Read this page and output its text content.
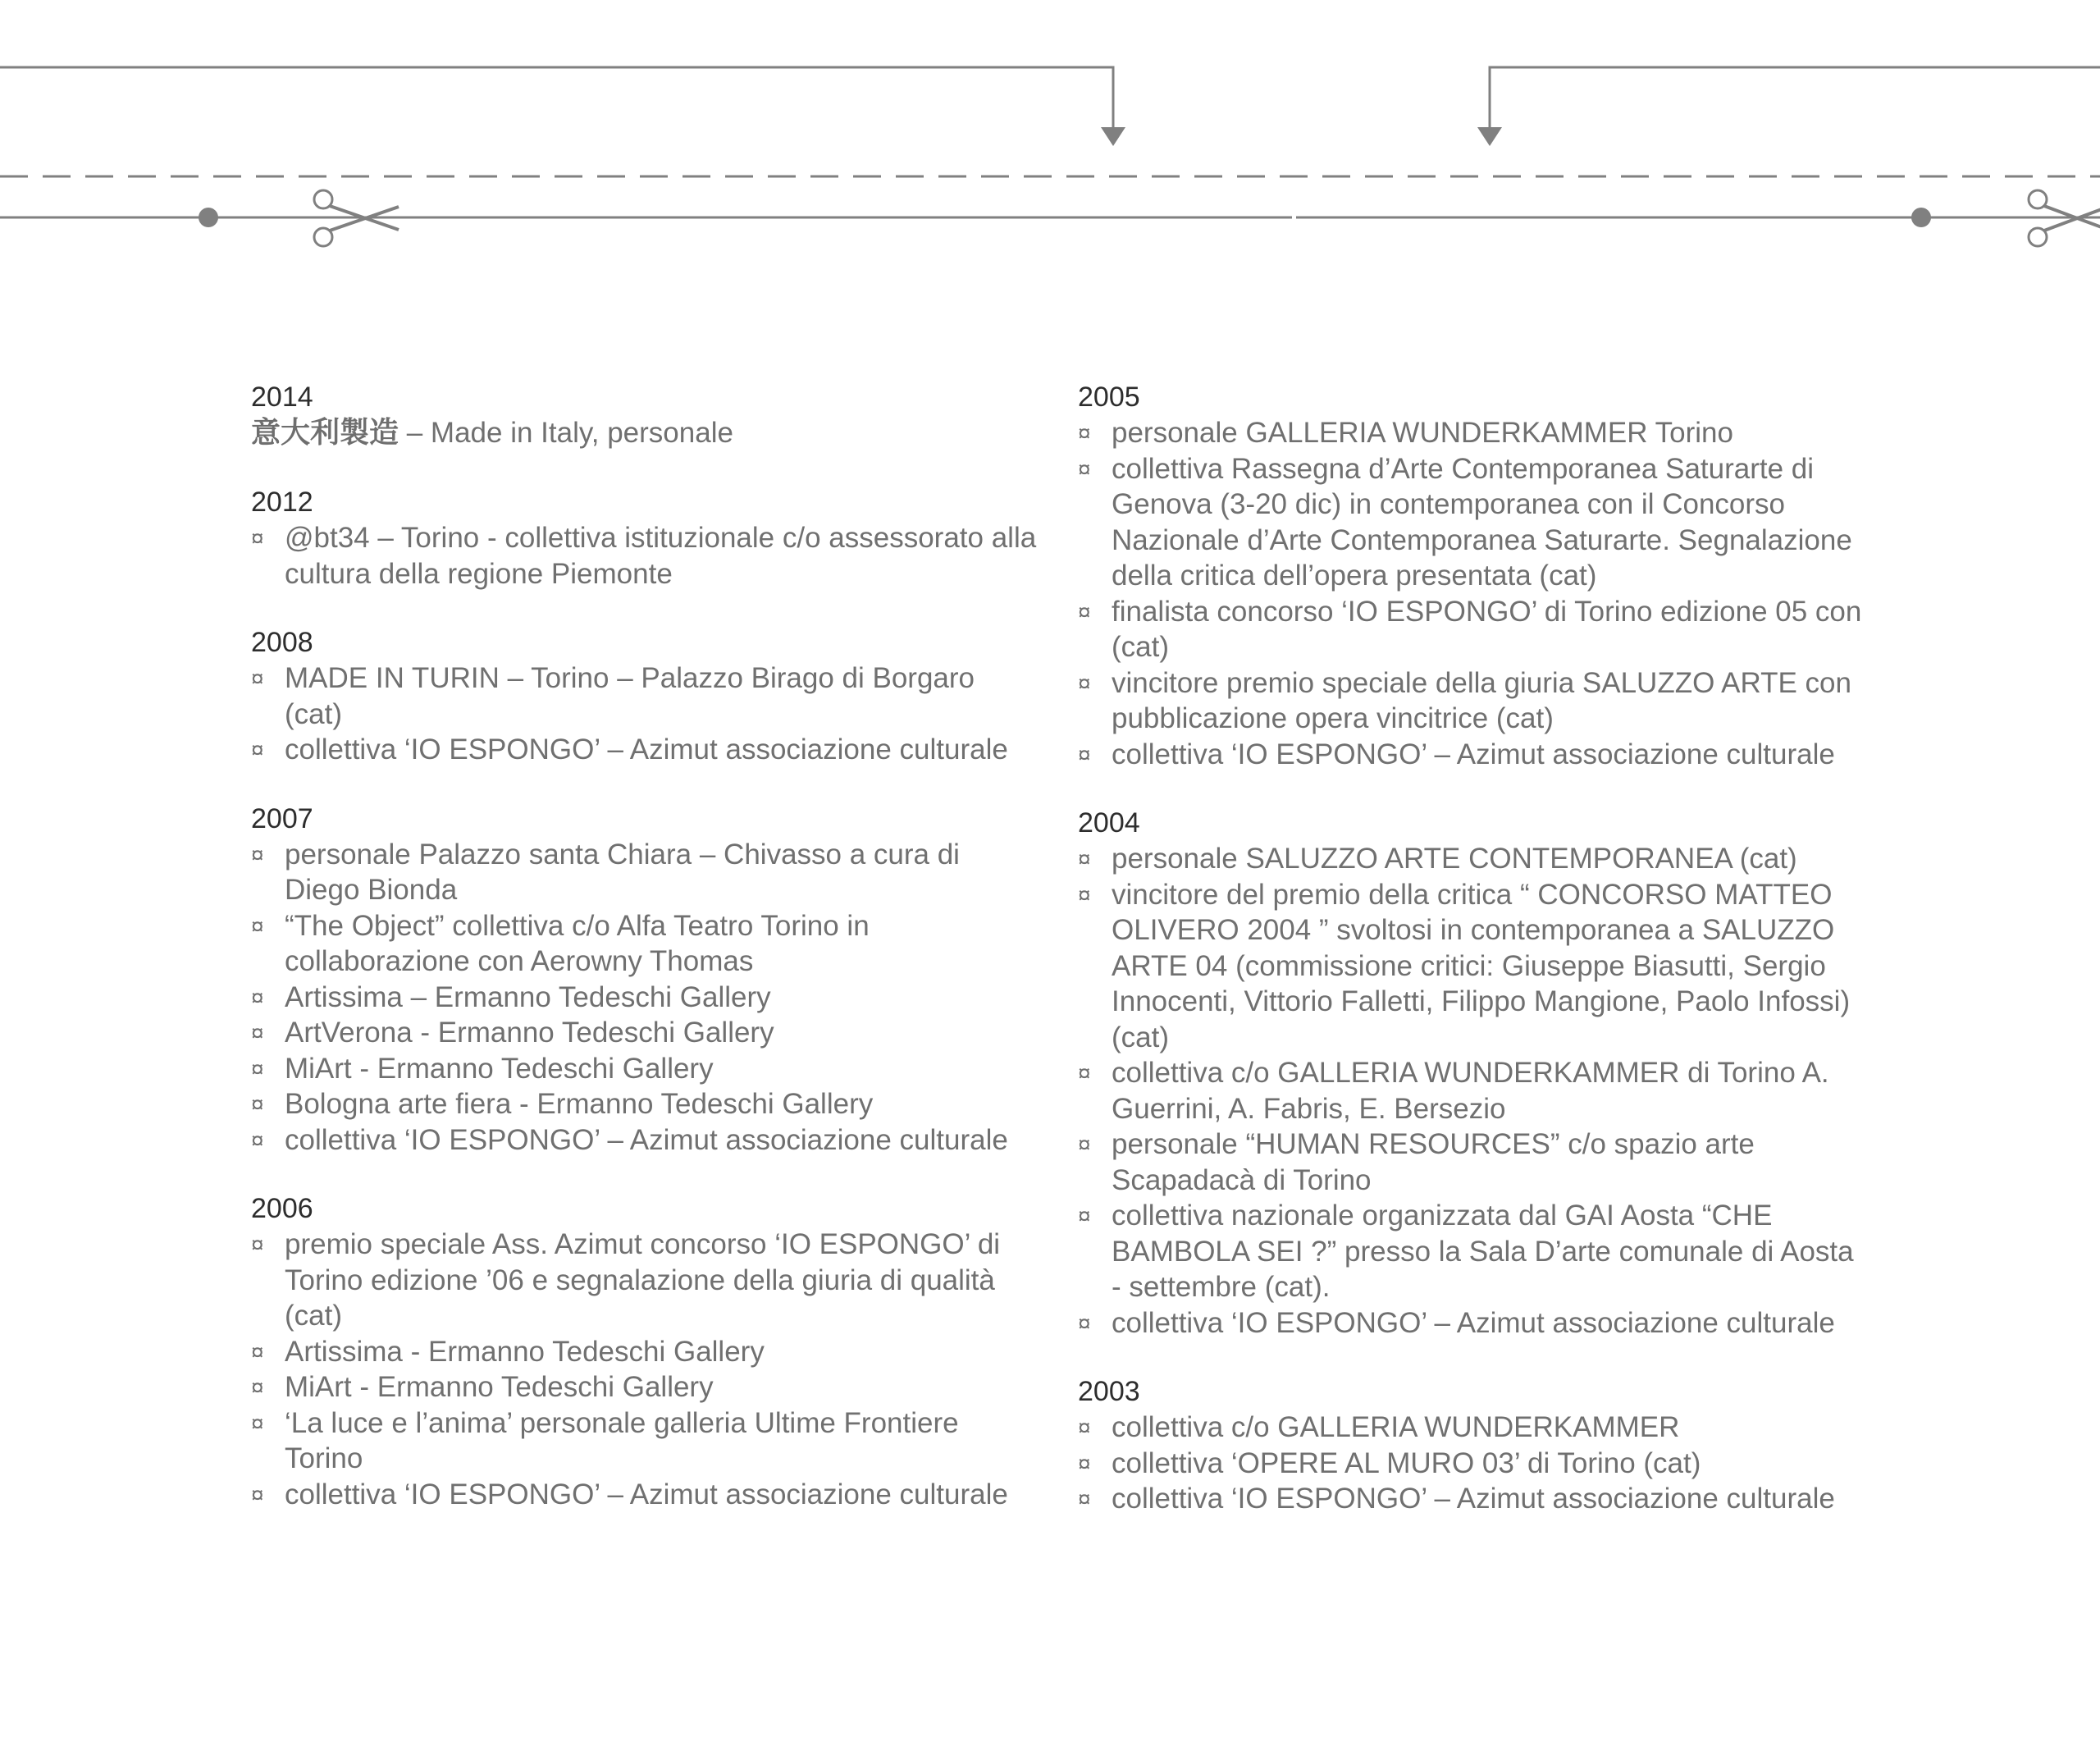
2014
意大利製造 – Made in Italy, personale
2012
¤ @bt34 – Torino - collettiva istituzionale c/o assessorato alla cultura della regione Piemonte
2008
¤ MADE IN TURIN – Torino – Palazzo Birago di Borgaro (cat)
¤ collettiva ‘IO ESPONGO’ – Azimut associazione culturale
2007
¤ personale Palazzo santa Chiara – Chivasso a cura di Diego Bionda
¤ “The Object” collettiva c/o Alfa Teatro Torino in collaborazione con Aerowny Thomas
¤ Artissima – Ermanno Tedeschi Gallery
¤ ArtVerona - Ermanno Tedeschi Gallery
¤ MiArt - Ermanno Tedeschi Gallery
¤ Bologna arte fiera - Ermanno Tedeschi Gallery
¤ collettiva ‘IO ESPONGO’ – Azimut associazione culturale
2006
¤ premio speciale Ass. Azimut concorso ‘IO ESPONGO’ di Torino edizione ’06 e segnalazione della giuria di qualità (cat)
¤ Artissima - Ermanno Tedeschi Gallery
¤ MiArt - Ermanno Tedeschi Gallery
¤ ‘La luce e l’anima’ personale galleria Ultime Frontiere Torino
¤ collettiva ‘IO ESPONGO’ – Azimut associazione culturale
2005
¤ personale GALLERIA WUNDERKAMMER Torino
¤ collettiva Rassegna d’Arte Contemporanea Saturarte di Genova (3-20 dic) in contemporanea con il Concorso Nazionale d’Arte Contemporanea Saturarte. Segnalazione della critica dell’opera presentata (cat)
¤ finalista concorso ‘IO ESPONGO’ di Torino edizione 05 con (cat)
¤ vincitore premio speciale della giuria SALUZZO ARTE con pubblicazione opera vincitrice (cat)
¤ collettiva ‘IO ESPONGO’ – Azimut associazione culturale
2004
¤ personale SALUZZO ARTE CONTEMPORANEA (cat)
¤ vincitore del premio della critica “ CONCORSO MATTEO OLIVERO 2004 ” svoltosi in contemporanea a SALUZZO ARTE 04 (commissione critici: Giuseppe Biasutti, Sergio Innocenti, Vittorio Falletti, Filippo Mangione, Paolo Infossi) (cat)
¤ collettiva c/o GALLERIA WUNDERKAMMER di Torino A. Guerrini, A. Fabris, E. Bersezio
¤ personale “HUMAN RESOURCES” c/o spazio arte Scapadacà di Torino
¤ collettiva nazionale organizzata dal GAI Aosta “CHE BAMBOLA SEI ?” presso la Sala D’arte comunale di Aosta - settembre (cat).
¤ collettiva ‘IO ESPONGO’ – Azimut associazione culturale
2003
¤ collettiva c/o GALLERIA WUNDERKAMMER
¤ collettiva ‘OPERE AL MURO 03’ di Torino (cat)
¤ collettiva ‘IO ESPONGO’ – Azimut associazione culturale
